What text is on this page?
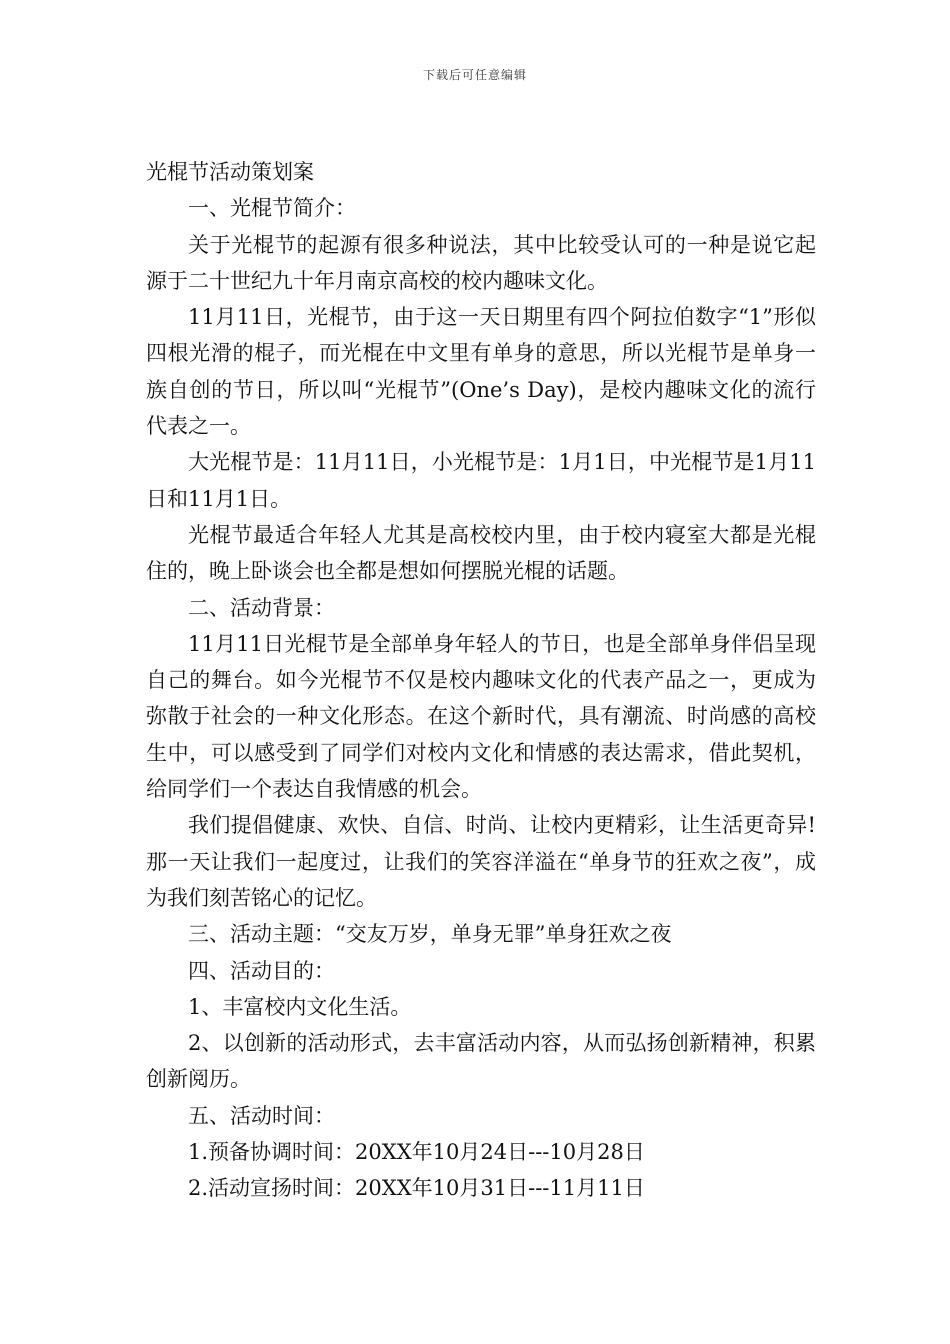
下载后可任意编辑

光棍节活动策划案

一、光棍节简介：

关于光棍节的起源有很多种说法，其中比较受认可的一种是说它起源于二十世纪九十年月南京高校的校内趣味文化。

11月11日，光棍节，由于这一天日期里有四个阿拉伯数字“1”形似四根光滑的棍子，而光棍在中文里有单身的意思，所以光棍节是单身一族自创的节日，所以叫“光棍节”(One’s Day)，是校内趣味文化的流行代表之一。

大光棍节是：11月11日，小光棍节是：1月1日，中光棍节是1月11日和11月1日。

光棍节最适合年轻人尤其是高校校内里，由于校内寝室大都是光棍住的，晚上卧谈会也全都是想如何摆脱光棍的话题。

二、活动背景：

11月11日光棍节是全部单身年轻人的节日，也是全部单身伴侣呈现自己的舞台。如今光棍节不仅是校内趣味文化的代表产品之一，更成为弥散于社会的一种文化形态。在这个新时代，具有潮流、时尚感的高校生中，可以感受到了同学们对校内文化和情感的表达需求，借此契机，给同学们一个表达自我情感的机会。

我们提倡健康、欢快、自信、时尚、让校内更精彩，让生活更奇异!那一天让我们一起度过，让我们的笑容洋溢在“单身节的狂欢之夜”，成为我们刻苦铭心的记忆。

三、活动主题：“交友万岁，单身无罪”单身狂欢之夜

四、活动目的：

1、丰富校内文化生活。

2、以创新的活动形式，去丰富活动内容，从而弘扬创新精神，积累创新阅历。

五、活动时间：

1.预备协调时间：20XX年10月24日---10月28日

2.活动宣扬时间：20XX年10月31日---11月11日
